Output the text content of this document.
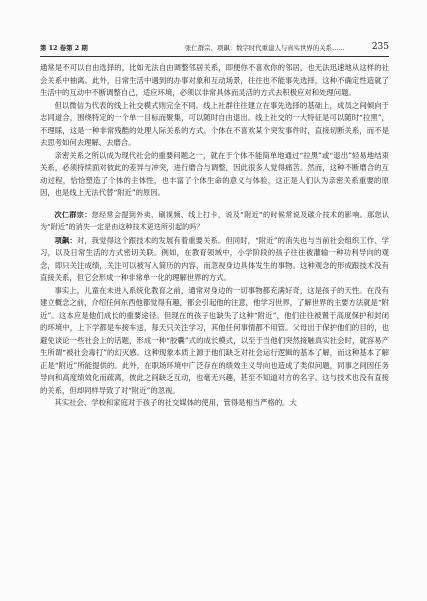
第 12 卷第 2 期	张仁群宗、项飙：数字时代重建人与真实世界的关系……	235

通常是不可以自由选择的，比如无法自由调整邻居关系，即便你不喜欢你的邻居，也无法迅速地从这样的社会关系中抽离。此外，日常生活中遇到的办事对象和互动场景，往往也不能事先选择，这种不确定性造就了生活中的互动中不断调整自己，适应环境，必须以非常具体而灵活的方式去积极应对和处理问题。

但以微信为代表的线上社交模式则完全不同。线上社群往往建立在事先选择的基础上，成员之间倾向于志同道合，围绕特定的一个单一目标而聚集，可以随时自由退出。线上社交的一大特征是可以随时“拉黑”，不理睬，这是一种非常残酷的处理人际关系的方式。个体在不喜欢某个突发事件时，直接切断关系，而不是去思考如何去理解、去磨合。

亲密关系之所以成为现代社会的重要问题之一，就在于个体不能简单地通过“拉黑”或“退出”轻易地结束关系，必须持续面对彼此的差异与冲突，进行磨合与调整，因此很多人觉得痛苦。然而，这种不断磨合的互动过程，恰恰塑造了个体的主体性，也丰富了个体生命的意义与体验，这正是人们认为亲密关系重要的原因，也是线上无法代替“附近”的原因。

次仁群宗：您经常会提到外卖、刷视频、线上打卡，说及“附近”的时候常说及碳介技术的影响。那您认为“附近”的消失一定是由这种技术更迭所引起的吗？

项飙：对，我觉得这个跟技术的发展有着重要关系。但同时，“附近”的消失也与当前社会组织工作、学习，以及日常生活的方式密切关联。例如，在教育领域中，小学阶段的孩子往往被灌输一种功利导向的观念，即只关注成绩，关注可以被写入简历的内容，而忽视身边具体发生的事物。这种观念的形成跟技术没有直接关系，但它会形成一种非常单一化的理解世界的方式。

事实上，儿童在未进入系统化教育之前，通常对身边的一切事物都充满好奇，这是孩子的天性。在没有建立概念之前，介绍任何东西他都觉得有趣，都会引起他的注意，他学习世界，了解世界的主要方法就是“附近”。这本应是他们成长的重要途径。但现在的孩子也缺失了这种“附近”，他们往往被置于高度保护和封闭的环境中，上下学都是车接车送，每天只关注学习，其他任何事情都不用管。父母出于保护他们的目的，也避免谈论一些社会上的话题，形成一种“胶囊”式的成长模式，以至于当他们突然接触真实社会时，就容易产生所谓“被社会毒打”的幻灭感。这种现象本质上源于他们缺乏对社会运行逻辑的基本了解，而这种基本了解正是“附近”所能提供的。此外，在职场环境中广泛存在的绩效主义导向也造成了类似问题，同事之间因任务导向和高度绩效化而疏离，彼此之间缺乏互动，也毫无兴趣，甚至不知道对方的名字。这与技术也没有直接的关系，但却同样导致了对“附近”的忽视。

其实社会、学校和家庭对于孩子的社交媒体的使用，管得是相当严格的。大
